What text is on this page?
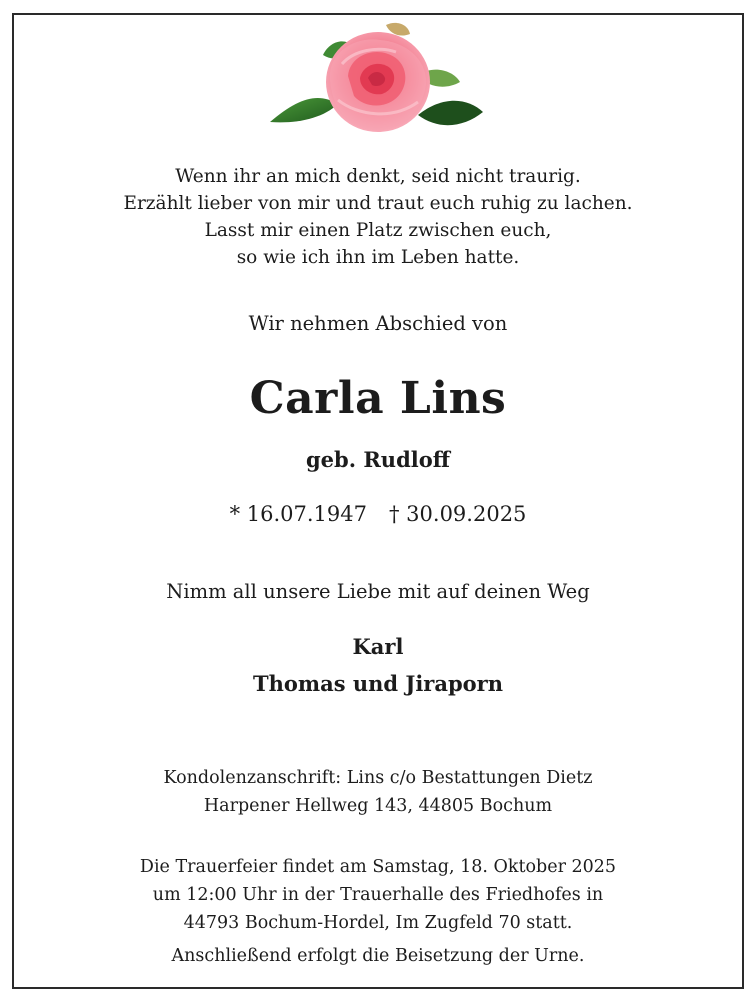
Wenn ihr an mich denkt, seid nicht traurig.
Erzählt lieber von mir und traut euch ruhig zu lachen.
Lasst mir einen Platz zwischen euch,
so wie ich ihn im Leben hatte.
Wir nehmen Abschied von
Carla Lins
geb. Rudloff
* 16.07.1947 † 30.09.2025
Nimm all unsere Liebe mit auf deinen Weg
Karl
Thomas und Jiraporn
Kondolenzanschrift: Lins c/o Bestattungen Dietz
Harpener Hellweg 143, 44805 Bochum
Die Trauerfeier findet am Samstag, 18. Oktober 2025
um 12:00 Uhr in der Trauerhalle des Friedhofes in
44793 Bochum-Hordel, Im Zugfeld 70 statt.
Anschließend erfolgt die Beisetzung der Urne.
